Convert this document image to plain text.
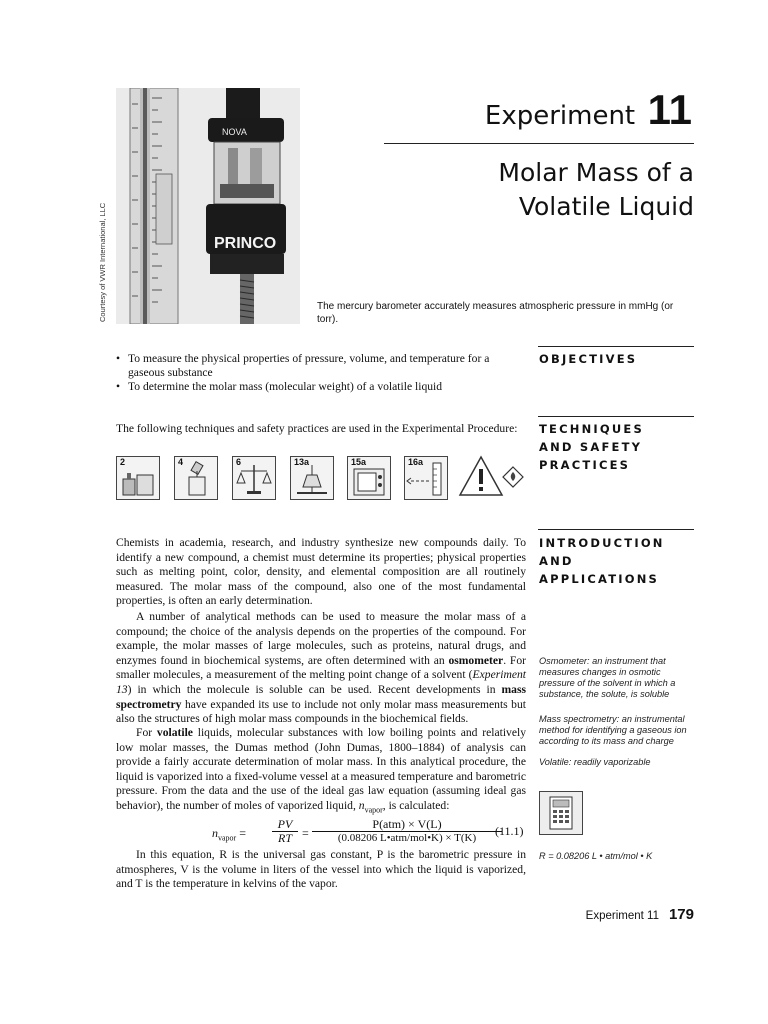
Courtesy of VWR International, LLC
NOVA
PRINCO
Experiment 11
Molar Mass of a
Volatile Liquid
The mercury barometer accurately measures atmospheric pressure in mmHg (or torr).
OBJECTIVES
• To measure the physical properties of pressure, volume, and temperature for a gaseous substance
• To determine the molar mass (molecular weight) of a volatile liquid
TECHNIQUES
AND SAFETY
PRACTICES
The following techniques and safety practices are used in the Experimental Procedure:
2	4	6	13a	15a	16a
INTRODUCTION
AND
APPLICATIONS
Chemists in academia, research, and industry synthesize new compounds daily. To identify a new compound, a chemist must determine its properties; physical properties such as melting point, color, density, and elemental composition are all routinely measured. The molar mass of the compound, also one of the most fundamental properties, is often an early determination.
A number of analytical methods can be used to measure the molar mass of a compound; the choice of the analysis depends on the properties of the compound. For example, the molar masses of large molecules, such as proteins, natural drugs, and enzymes found in biochemical systems, are often determined with an osmometer. For smaller molecules, a measurement of the melting point change of a solvent (Experiment 13) in which the molecule is soluble can be used. Recent developments in mass spectrometry have expanded its use to include not only molar mass measurements but also the structures of high molar mass compounds in the biochemical fields.
For volatile liquids, molecular substances with low boiling points and relatively low molar masses, the Dumas method (John Dumas, 1800–1884) of analysis can provide a fairly accurate determination of molar mass. In this analytical procedure, the liquid is vaporized into a fixed-volume vessel at a measured temperature and barometric pressure. From the data and the use of the ideal gas law equation (assuming ideal gas behavior), the number of moles of vaporized liquid, $n_{vapor}$, is calculated:
$n_{vapor} = \frac{PV}{RT}$ =
P(atm) × V(L)
(0.08206 L•atm/mol•K) × T(K)	(11.1)
In this equation, R is the universal gas constant, P is the barometric pressure in atmospheres, V is the volume in liters of the vessel into which the liquid is vaporized, and T is the temperature in kelvins of the vapor.
Osmometer: an instrument that measures changes in osmotic pressure of the solvent in which a substance, the solute, is soluble
Mass spectrometry: an instrumental method for identifying a gaseous ion according to its mass and charge
Volatile: readily vaporizable
R = 0.08206 L • atm/mol • K
Experiment 11 179
